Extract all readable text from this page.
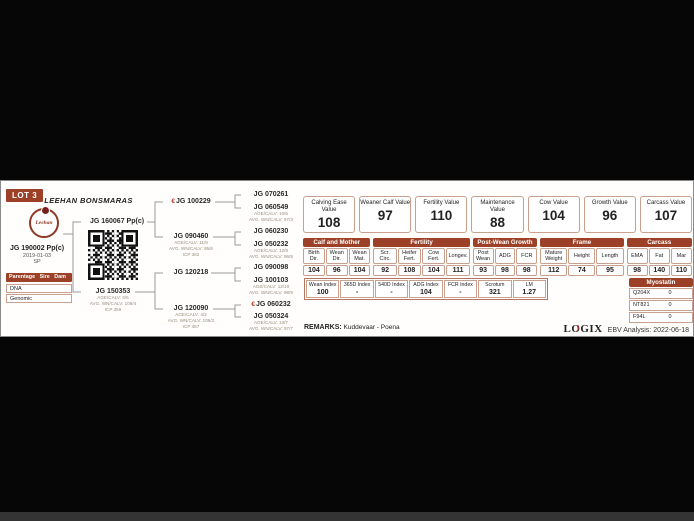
LOT 3
LEEHAN BONSMARAS
Leehan
JG 190002 Pp(c)
2019-01-03
SP
Parentage Sire Dam
DNA
Genomic
JG 160067 Pp(c)
JG 150353
AGE/CALV: 6/5
AVG. WN/CALV: 109/4
ICP 359
€JG 100229
JG 090460
AGE/CALV: 11/9
AVG. WN/CALV: 95/6
ICP 382
JG 120218
JG 120090
AGE/CALV: 4/2
AVG. WN/CALV: 109/2
ICP 487
JG 070261
JG 060549
AGE/CALV: 10/6
AVG. WN/CALV: 97/3
JG 060230
JG 050232
AGE/CALV: 12/9
AVG. WN/CALV: 96/9
JG 090098
JG 100103
AGE/CALV: 12/10
AVG. WN/CALV: 98/9
€JG 060232
JG 050324
AGE/CALV: 10/7
AVG. WN/CALV: 97/7
Calving Ease Value
108
Weaner Calf Value
97
Fertility Value
110
Maintenance Value
88
Cow Value
104
Growth Value
96
Carcass Value
107
Calf and Mother
Birth Dir.
104
Wean Dir.
96
Wean Mat.
104
Fertility
Scr. Circ.
92
Heifer Fert.
108
Cow Fert.
104
Longev.
111
Post-Wean Growth
Post Wean
93
ADG
98
FCR
98
Frame
Mature Weight
112
Height
74
Length
95
Carcass
EMA
98
Fat
140
Mar
110
Wean Index
100
365D Index
-
540D Index
-
ADG Index
104
FCR Index
-
Scrotum
321
LM
1.27
Myostatin
Q204X	0
NT821	0
F94L	0
REMARKS: Kuddevaar - Poena	LOGIX EBV Analysis: 2022-06-18
